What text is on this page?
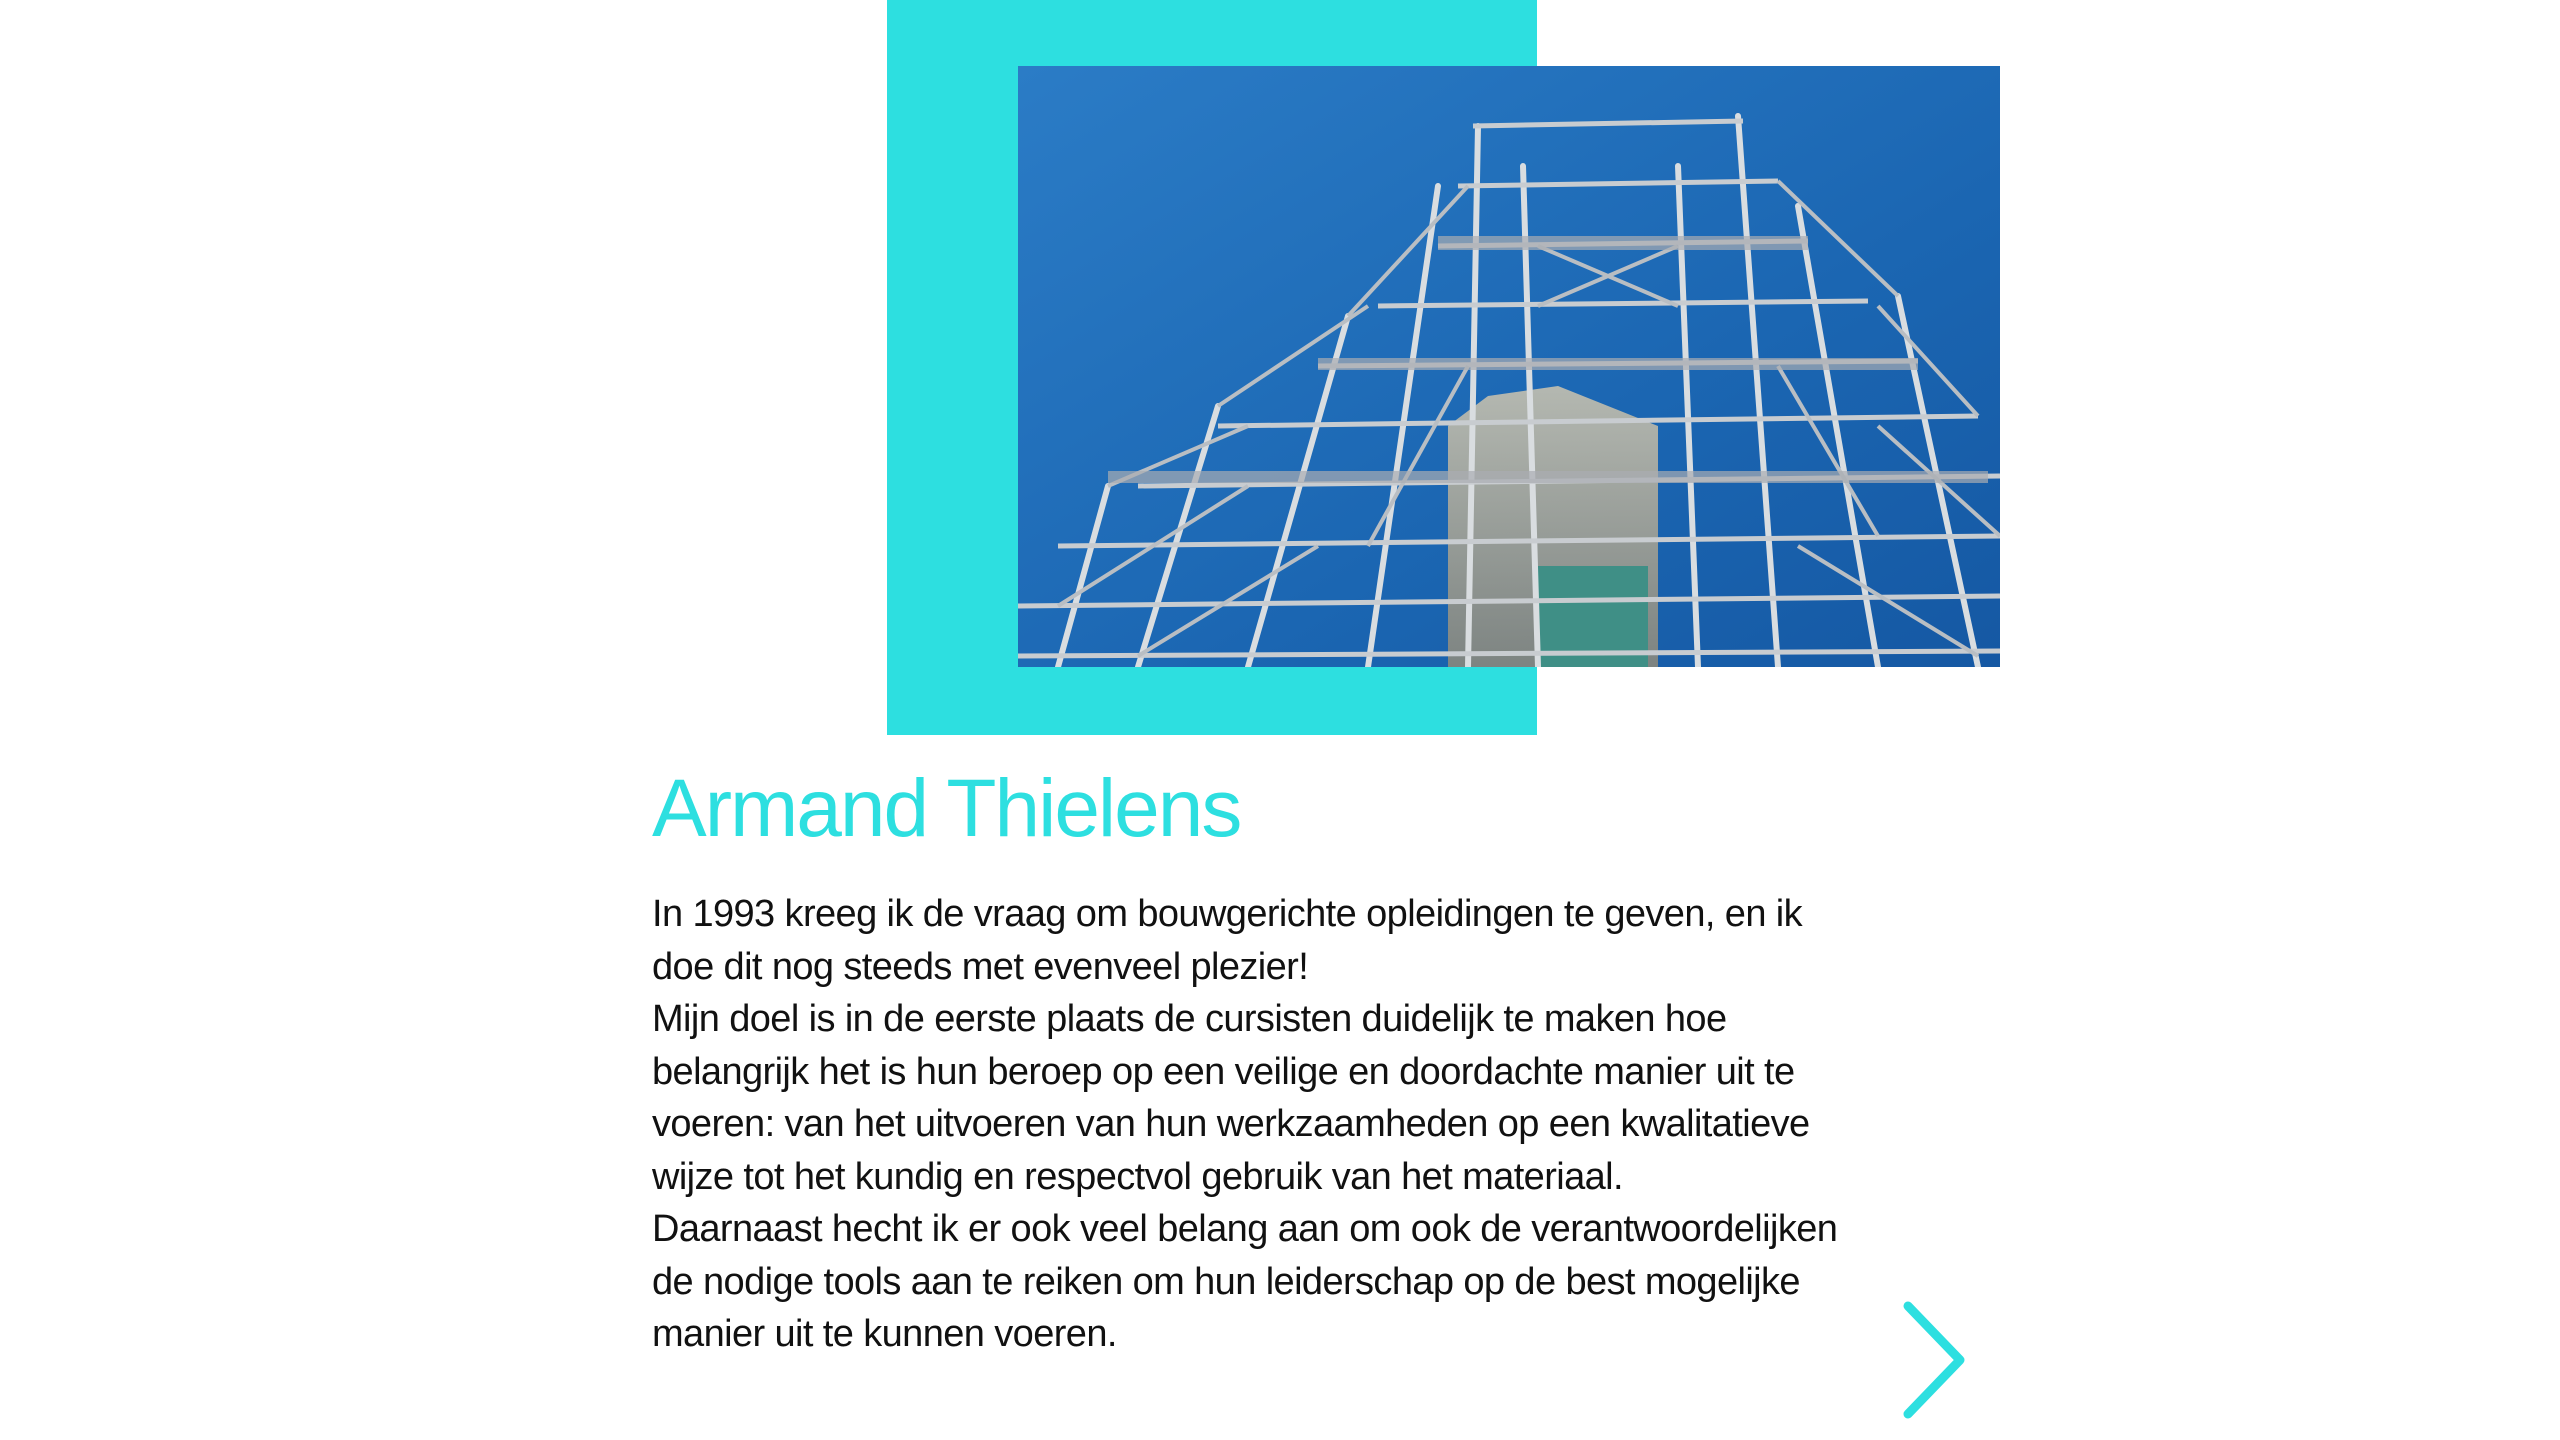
Armand Thielens

In 1993 kreeg ik de vraag om bouwgerichte opleidingen te geven, en ik doe dit nog steeds met evenveel plezier!

Mijn doel is in de eerste plaats de cursisten duidelijk te maken hoe belangrijk het is hun beroep op een veilige en doordachte manier uit te voeren: van het uitvoeren van hun werkzaamheden op een kwalitatieve wijze tot het kundig en respectvol gebruik van het materiaal.

Daarnaast hecht ik er ook veel belang aan om ook de verantwoordelijken de nodige tools aan te reiken om hun leiderschap op de best mogelijke manier uit te kunnen voeren.
